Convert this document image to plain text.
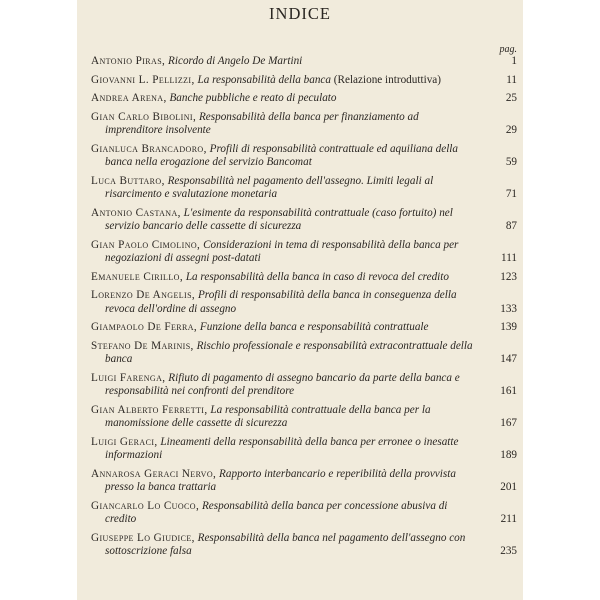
INDICE
pag.
Antonio Piras, Ricordo di Angelo De Martini	1
Giovanni L. Pellizzi, La responsabilità della banca (Relazione introduttiva)	11
Andrea Arena, Banche pubbliche e reato di peculato	25
Gian Carlo Bibolini, Responsabilità della banca per finanziamento ad imprenditore insolvente	29
Gianluca Brancadoro, Profili di responsabilità contrattuale ed aquiliana della banca nella erogazione del servizio Bancomat	59
Luca Buttaro, Responsabilità nel pagamento dell'assegno. Limiti legali al risarcimento e svalutazione monetaria	71
Antonio Castana, L'esimente da responsabilità contrattuale (caso fortuito) nel servizio bancario delle cassette di sicurezza	87
Gian Paolo Cimolino, Considerazioni in tema di responsabilità della banca per negoziazioni di assegni post-datati	111
Emanuele Cirillo, La responsabilità della banca in caso di revoca del credito	123
Lorenzo De Angelis, Profili di responsabilità della banca in conseguenza della revoca dell'ordine di assegno	133
Giampaolo De Ferra, Funzione della banca e responsabilità contrattuale	139
Stefano De Marinis, Rischio professionale e responsabilità extracontrattuale della banca	147
Luigi Farenga, Rifiuto di pagamento di assegno bancario da parte della banca e responsabilità nei confronti del prenditore	161
Gian Alberto Ferretti, La responsabilità contrattuale della banca per la manomissione delle cassette di sicurezza	167
Luigi Geraci, Lineamenti della responsabilità della banca per erronee o inesatte informazioni	189
Annarosa Geraci Nervo, Rapporto interbancario e reperibilità della provvista presso la banca trattaria	201
Giancarlo Lo Cuoco, Responsabilità della banca per concessione abusiva di credito	211
Giuseppe Lo Giudice, Responsabilità della banca nel pagamento dell'assegno con sottoscrizione falsa	235
